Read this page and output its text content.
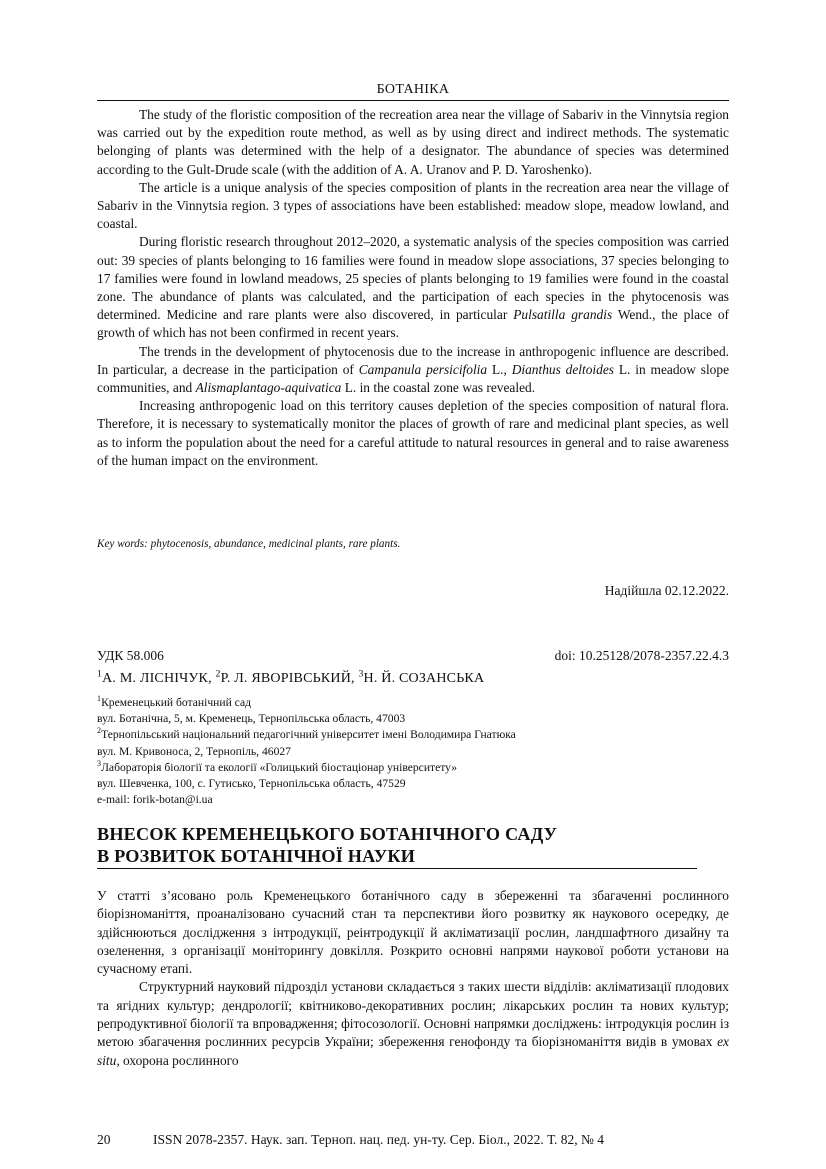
БОТАНІКА

The study of the floristic composition of the recreation area near the village of Sabariv in the Vinnytsia region was carried out by the expedition route method, as well as by using direct and indirect methods. The systematic belonging of plants was determined with the help of a designator. The abundance of species was determined according to the Gult-Drude scale (with the addition of A. A. Uranov and P. D. Yaroshenko).

The article is a unique analysis of the species composition of plants in the recreation area near the village of Sabariv in the Vinnytsia region. 3 types of associations have been established: meadow slope, meadow lowland, and coastal.

During floristic research throughout 2012–2020, a systematic analysis of the species composition was carried out: 39 species of plants belonging to 16 families were found in meadow slope associations, 37 species belonging to 17 families were found in lowland meadows, 25 species of plants belonging to 19 families were found in the coastal zone. The abundance of plants was calculated, and the participation of each species in the phytocenosis was determined. Medicine and rare plants were also discovered, in particular Pulsatilla grandis Wend., the place of growth of which has not been confirmed in recent years.

The trends in the development of phytocenosis due to the increase in anthropogenic influence are described. In particular, a decrease in the participation of Campanula persicifolia L., Dianthus deltoides L. in meadow slope communities, and Alismaplantago-aquivatica L. in the coastal zone was revealed.

Increasing anthropogenic load on this territory causes depletion of the species composition of natural flora. Therefore, it is necessary to systematically monitor the places of growth of rare and medicinal plant species, as well as to inform the population about the need for a careful attitude to natural resources in general and to raise awareness of the human impact on the environment.

Key words: phytocenosis, abundance, medicinal plants, rare plants.
Надійшла 02.12.2022.
УДК 58.006	doi: 10.25128/2078-2357.22.4.3
$^1$А. М. ЛІСНІЧУК, $^2$Р. Л. ЯВОРІВСЬКИЙ, $^3$Н. Й. СОЗАНСЬКА
$^1$Кременецький ботанічний сад
вул. Ботанічна, 5, м. Кременець, Тернопільська область, 47003
$^2$Тернопільський національний педагогічний університет імені Володимира Гнатюка
вул. М. Кривоноса, 2, Тернопіль, 46027
$^3$Лабораторія біології та екології «Голицький біостаціонар університету»
вул. Шевченка, 100, с. Гутисько, Тернопільська область, 47529
e-mail: forik-botan@i.ua
ВНЕСОК КРЕМЕНЕЦЬКОГО БОТАНІЧНОГО САДУ
В РОЗВИТОК БОТАНІЧНОЇ НАУКИ

У статті з’ясовано роль Кременецького ботанічного саду в збереженні та збагаченні рослинного біорізноманіття, проаналізовано сучасний стан та перспективи його розвитку як наукового осередку, де здійснюються дослідження з інтродукції, реінтродукції й акліматизації рослин, ландшафтного дизайну та озеленення, з організації моніторингу довкілля. Розкрито основні напрями наукової роботи установи на сучасному етапі.

Структурний науковий підрозділ установи складається з таких шести відділів: акліматизації плодових та ягідних культур; дендрології; квітниково-декоративних рослин; лікарських рослин та нових культур; репродуктивної біології та впровадження; фітосозології. Основні напрямки досліджень: інтродукція рослин із метою збагачення рослинних ресурсів України; збереження генофонду та біорізноманіття видів в умовах ex situ, охорона рослинного

20	ISSN 2078-2357. Наук. зап. Терноп. нац. пед. ун-ту. Сер. Біол., 2022. Т. 82, № 4
